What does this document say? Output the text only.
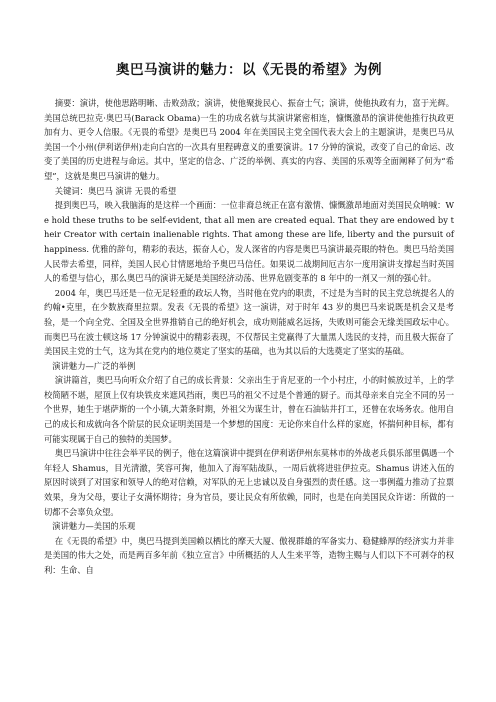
奥巴马演讲的魅力：以《无畏的希望》为例

摘要：演讲，使他思路明晰、击败劲敌；演讲，使他聚拢民心、振奋士气；演讲，使他执政有力，富于光辉。美国总统巴拉克·奥巴马(Barack Obama)一生的功成名就与其演讲紧密相连，慷慨激昂的演讲使他推行执政更加有力、更令人信服。《无畏的希望》是奥巴马 2004 年在美国民主党全国代表大会上的主题演讲，是奥巴马从美国一个小州(伊利诺伊州)走向白宫的一次具有里程碑意义的重要演讲。17 分钟的演说，改变了自己的命运、改变了美国的历史进程与命运。其中，坚定的信念、广泛的举例、真实的内容、美国的乐观等全面阐释了何为“希望”，这就是奥巴马演讲的魅力。

关键词：奥巴马 演讲 无畏的希望

提到奥巴马，映入我脑海的是这样一个画面：一位非裔总统正在富有激情、慷慨激昂地面对美国民众呐喊：We hold these truths to be self-evident, that all men are created equal. That they are endowed by their Creator with certain inalienable rights. That among these are life, liberty and the pursuit of happiness. 优雅的辞句，精彩的表达，振奋人心，发人深省的内容是奥巴马演讲最亮眼的特色。奥巴马给美国人民带去希望，同样，美国人民心甘情愿地给予奥巴马信任。如果说二战期间厄吉尔一度用演讲支撑起当时英国人的希望与信心，那么奥巴马的演讲无疑是美国经济动荡、世界危剧变革的 8 年中的一剂又一剂的强心针。

2004 年，奥巴马还是一位无足轻重的政坛人物，当时他在党内的职责，不过是为当时的民主党总统提名人的约翰•克里，在少数族裔里拉票。发表《无畏的希望》这一演讲，对于时年 43 岁的奥巴马来说既是机会又是考验，是一个向全党、全国及全世界推销自己的绝好机会，成功则能威名远扬，失败则可能会无缘美国政坛中心。而奥巴马在波士顿这场 17 分钟演说中的精彩表现，不仅帮民主党赢得了大量黑人选民的支持，而且极大振奋了美国民主党的士气，这为其在党内的地位奠定了坚实的基础，也为其以后的大选奠定了坚实的基础。

演讲魅力—广泛的举例

演讲篇首，奥巴马向听众介绍了自己的成长背景：父亲出生于肯尼亚的一个小村庄，小的时候放过羊，上的学校简陋不堪，屋顶上仅有块铁皮来遮风挡雨，奥巴马的祖父不过是个普通的厨子。而其母亲来自完全不同的另一个世界，她生于堪萨斯的一个小镇,大萧条时期，外祖父为谋生计，曾在石油钻井打工，还曾在农场务农。他用自己的成长和成就向各个阶层的民众证明美国是一个梦想的国度：无论你来自什么样的家庭，怀揣何种目标，都有可能实现属于自己的独特的美国梦。

奥巴马演讲中往往会举平民的例子，他在这篇演讲中提到在伊利诺伊州东莫林市的外战老兵俱乐部里偶遇一个年轻人 Shamus，目光清澈，笑容可掬，他加入了海军陆战队，一周后就将进驻伊拉克。Shamus 讲述入伍的原因时谈到了对国家和领导人的绝对信赖，对军队的无上忠诚以及自身强烈的责任感。这一事例蕴力推动了拉票效果，身为父母，要让子女满怀期待；身为官员，要让民众有所依赖，同时，也是在向美国民众许诺：所做的一切都不会辜负众望。

演讲魅力—美国的乐观

在《无畏的希望》中，奥巴马提到美国赖以栖比的摩天大厦、傲视群雄的军备实力、稳健蜂厚的经济实力并非是美国的伟大之处，而是两百多年前《独立宣言》中所概括的人人生来平等，造物主赐与人们以下不可剥夺的权利：生命、自
